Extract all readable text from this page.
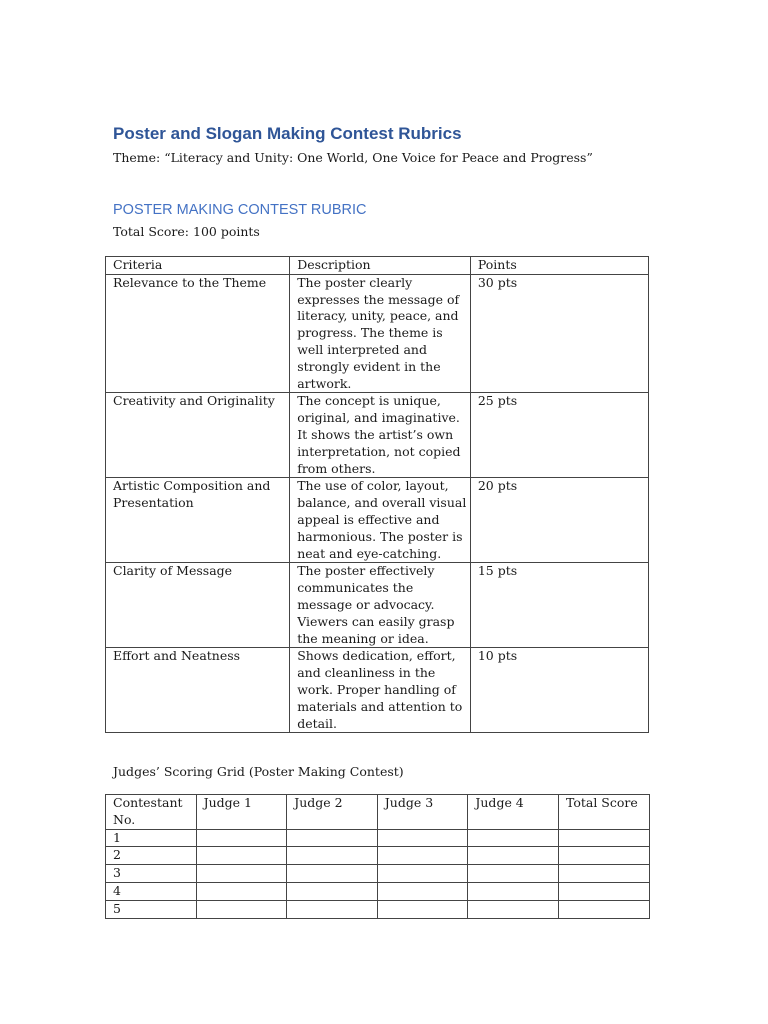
Poster and Slogan Making Contest Rubrics
Theme: “Literacy and Unity: One World, One Voice for Peace and Progress”
POSTER MAKING CONTEST RUBRIC
Total Score: 100 points
Criteria	Description	Points
Relevance to the Theme	The poster clearly expresses the message of literacy, unity, peace, and progress. The theme is well interpreted and strongly evident in the artwork.	30 pts
Creativity and Originality	The concept is unique, original, and imaginative. It shows the artist’s own interpretation, not copied from others.	25 pts
Artistic Composition and Presentation	The use of color, layout, balance, and overall visual appeal is effective and harmonious. The poster is neat and eye-catching.	20 pts
Clarity of Message	The poster effectively communicates the message or advocacy. Viewers can easily grasp the meaning or idea.	15 pts
Effort and Neatness	Shows dedication, effort, and cleanliness in the work. Proper handling of materials and attention to detail.	10 pts
Judges’ Scoring Grid (Poster Making Contest)
Contestant No.	Judge 1	Judge 2	Judge 3	Judge 4	Total Score
1					
2					
3					
4					
5					
